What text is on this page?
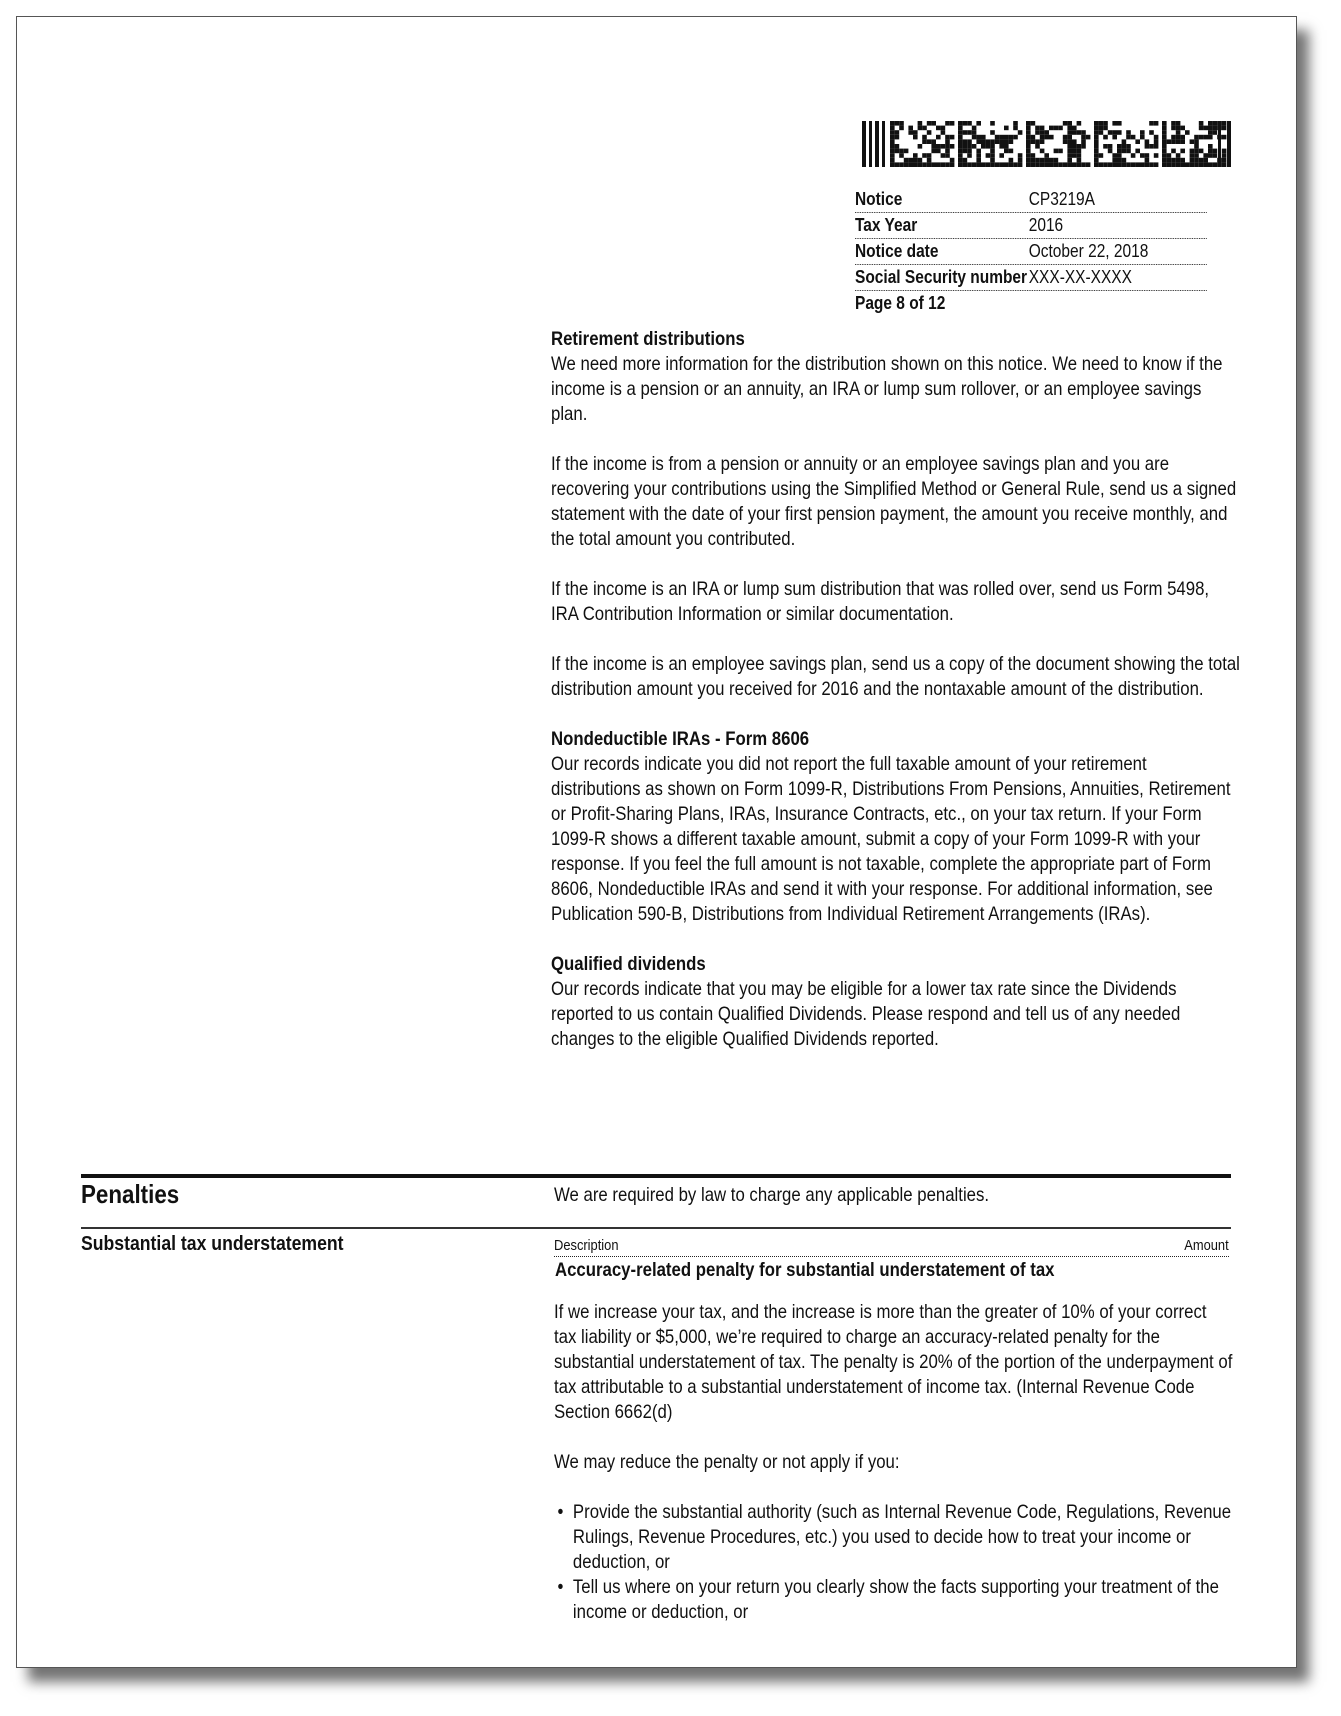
Notice	CP3219A
Tax Year	2016
Notice date	October 22, 2018
Social Security number XXX-XX-XXXX
Page 8 of 12

Retirement distributions

We need more information for the distribution shown on this notice. We need to know if the income is a pension or an annuity, an IRA or lump sum rollover, or an employee savings plan.

If the income is from a pension or annuity or an employee savings plan and you are recovering your contributions using the Simplified Method or General Rule, send us a signed statement with the date of your first pension payment, the amount you receive monthly, and the total amount you contributed.

If the income is an IRA or lump sum distribution that was rolled over, send us Form 5498, IRA Contribution Information or similar documentation.

If the income is an employee savings plan, send us a copy of the document showing the total distribution amount you received for 2016 and the nontaxable amount of the distribution.

Nondeductible IRAs - Form 8606

Our records indicate you did not report the full taxable amount of your retirement distributions as shown on Form 1099-R, Distributions From Pensions, Annuities, Retirement or Profit-Sharing Plans, IRAs, Insurance Contracts, etc., on your tax return. If your Form 1099-R shows a different taxable amount, submit a copy of your Form 1099-R with your response. If you feel the full amount is not taxable, complete the appropriate part of Form 8606, Nondeductible IRAs and send it with your response. For additional information, see Publication 590-B, Distributions from Individual Retirement Arrangements (IRAs).

Qualified dividends

Our records indicate that you may be eligible for a lower tax rate since the Dividends reported to us contain Qualified Dividends. Please respond and tell us of any needed changes to the eligible Qualified Dividends reported.

Penalties	We are required by law to charge any applicable penalties.
Substantial tax understatement	Description	Amount
Accuracy-related penalty for substantial understatement of tax

If we increase your tax, and the increase is more than the greater of 10% of your correct tax liability or $5,000, we’re required to charge an accuracy-related penalty for the substantial understatement of tax. The penalty is 20% of the portion of the underpayment of tax attributable to a substantial understatement of income tax. (Internal Revenue Code Section 6662(d)

We may reduce the penalty or not apply if you:

• Provide the substantial authority (such as Internal Revenue Code, Regulations, Revenue Rulings, Revenue Procedures, etc.) you used to decide how to treat your income or deduction, or
• Tell us where on your return you clearly show the facts supporting your treatment of the income or deduction, or
